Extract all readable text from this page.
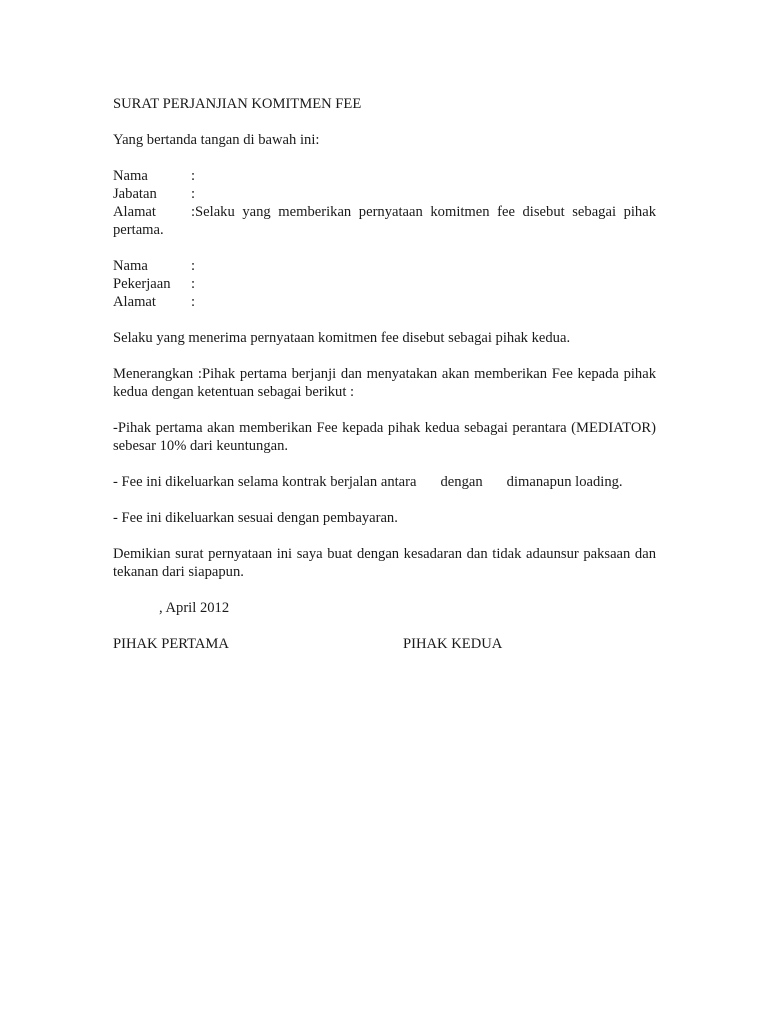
SURAT PERJANJIAN KOMITMEN FEE

Yang bertanda tangan di bawah ini:

Nama	:
Jabatan :
Alamat :Selaku yang memberikan pernyataan komitmen fee disebut sebagai pihak pertama.
Nama	:
Pekerjaan :
Alamat :

Selaku yang menerima pernyataan komitmen fee disebut sebagai pihak kedua.

Menerangkan :Pihak pertama berjanji dan menyatakan akan memberikan Fee kepada pihak kedua dengan ketentuan sebagai berikut :

-Pihak pertama akan memberikan Fee kepada pihak kedua sebagai perantara (MEDIATOR) sebesar 10% dari keuntungan.

- Fee ini dikeluarkan selama kontrak berjalan antara dengan dimanapun loading.

- Fee ini dikeluarkan sesuai dengan pembayaran.

Demikian surat pernyataan ini saya buat dengan kesadaran dan tidak adaunsur paksaan dan tekanan dari siapapun.

, April 2012

PIHAK PERTAMA	PIHAK KEDUA
